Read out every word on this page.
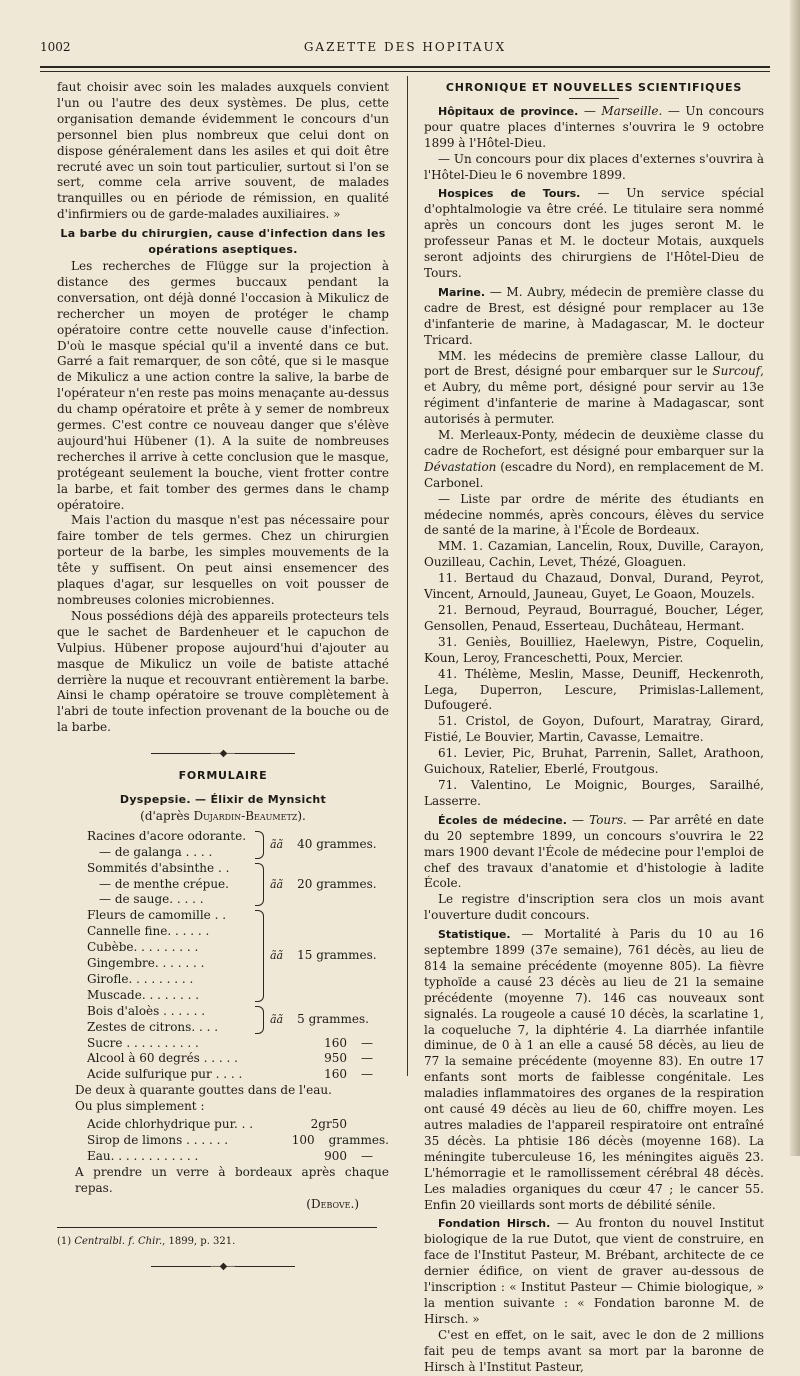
1002	GAZETTE DES HOPITAUX

faut choisir avec soin les malades auxquels convient l'un ou l'autre des deux systèmes. De plus, cette organisation demande évidemment le concours d'un personnel bien plus nombreux que celui dont on dispose généralement dans les asiles et qui doit être recruté avec un soin tout particulier, surtout si l'on se sert, comme cela arrive souvent, de malades tranquilles ou en période de rémission, en qualité d'infirmiers ou de garde-malades auxiliaires. »

La barbe du chirurgien, cause d'infection dans les opérations aseptiques.

Les recherches de Flügge sur la projection à distance des germes buccaux pendant la conversation, ont déjà donné l'occasion à Mikulicz de rechercher un moyen de protéger le champ opératoire contre cette nouvelle cause d'infection. D'où le masque spécial qu'il a inventé dans ce but. Garré a fait remarquer, de son côté, que si le masque de Mikulicz a une action contre la salive, la barbe de l'opérateur n'en reste pas moins menaçante au-dessus du champ opératoire et prête à y semer de nombreux germes. C'est contre ce nouveau danger que s'élève aujourd'hui Hübener (1). A la suite de nombreuses recherches il arrive à cette conclusion que le masque, protégeant seulement la bouche, vient frotter contre la barbe, et fait tomber des germes dans le champ opératoire.

Mais l'action du masque n'est pas nécessaire pour faire tomber de tels germes. Chez un chirurgien porteur de la barbe, les simples mouvements de la tête y suffisent. On peut ainsi ensemencer des plaques d'agar, sur lesquelles on voit pousser de nombreuses colonies microbiennes.

Nous possédions déjà des appareils protecteurs tels que le sachet de Bardenheuer et le capuchon de Vulpius. Hübener propose aujourd'hui d'ajouter au masque de Mikulicz un voile de batiste attaché derrière la nuque et recouvrant entièrement la barbe. Ainsi le champ opératoire se trouve complètement à l'abri de toute infection provenant de la bouche ou de la barbe.

—◆—
FORMULAIRE
Dyspepsie. — Élixir de Mynsicht
(d'après Dujardin-Beaumetz).
Racines d'acore odorante.
— de galanga . . . .
ãã 40 grammes.
Sommités d'absinthe . .
— de menthe crépue.
— de sauge. . . . .
ãã 20 grammes.
Fleurs de camomille . .
Cannelle fine. . . . . .
Cubèbe. . . . . . . . .
Gingembre. . . . . . .
Girofle. . . . . . . . .
Muscade. . . . . . . .
ãã 15 grammes.
Bois d'aloès . . . . . .
Zestes de citrons. . . .
ãã 5 grammes.
Sucre . . . . . . . . . .	160 —
Alcool à 60 degrés . . . . .	950 —
Acide sulfurique pur . . . .	160 —

De deux à quarante gouttes dans de l'eau.

Ou plus simplement :

Acide chlorhydrique pur. . .	2gr50
Sirop de limons . . . . . .	100 grammes.
Eau. . . . . . . . . . . .	900 —

A prendre un verre à bordeaux après chaque repas.

(Debove.)

(1) Centralbl. f. Chir., 1899, p. 321.

—◆—
CHRONIQUE ET NOUVELLES SCIENTIFIQUES

Hôpitaux de province. — Marseille. — Un concours pour quatre places d'internes s'ouvrira le 9 octobre 1899 à l'Hôtel-Dieu.

— Un concours pour dix places d'externes s'ouvrira à l'Hôtel-Dieu le 6 novembre 1899.

Hospices de Tours. — Un service spécial d'ophtalmologie va être créé. Le titulaire sera nommé après un concours dont les juges seront M. le professeur Panas et M. le docteur Motais, auxquels seront adjoints des chirurgiens de l'Hôtel-Dieu de Tours.

Marine. — M. Aubry, médecin de première classe du cadre de Brest, est désigné pour remplacer au 13e d'infanterie de marine, à Madagascar, M. le docteur Tricard.

MM. les médecins de première classe Lallour, du port de Brest, désigné pour embarquer sur le Surcouf, et Aubry, du même port, désigné pour servir au 13e régiment d'infanterie de marine à Madagascar, sont autorisés à permuter.

M. Merleaux-Ponty, médecin de deuxième classe du cadre de Rochefort, est désigné pour embarquer sur la Dévastation (escadre du Nord), en remplacement de M. Carbonel.

— Liste par ordre de mérite des étudiants en médecine nommés, après concours, élèves du service de santé de la marine, à l'École de Bordeaux.

MM. 1. Cazamian, Lancelin, Roux, Duville, Carayon, Ouzilleau, Cachin, Levet, Thézé, Gloaguen.

11. Bertaud du Chazaud, Donval, Durand, Peyrot, Vincent, Arnould, Jauneau, Guyet, Le Goaon, Mouzels.

21. Bernoud, Peyraud, Bourragué, Boucher, Léger, Gensollen, Penaud, Esserteau, Duchâteau, Hermant.

31. Geniès, Bouilliez, Haelewyn, Pistre, Coquelin, Koun, Leroy, Franceschetti, Poux, Mercier.

41. Thélème, Meslin, Masse, Deuniff, Heckenroth, Lega, Duperron, Lescure, Primislas-Lallement, Dufougeré.

51. Cristol, de Goyon, Dufourt, Maratray, Girard, Fistié, Le Bouvier, Martin, Cavasse, Lemaitre.

61. Levier, Pic, Bruhat, Parrenin, Sallet, Arathoon, Guichoux, Ratelier, Eberlé, Froutgous.

71. Valentino, Le Moignic, Bourges, Sarailhé, Lasserre.

Écoles de médecine. — Tours. — Par arrêté en date du 20 septembre 1899, un concours s'ouvrira le 22 mars 1900 devant l'École de médecine pour l'emploi de chef des travaux d'anatomie et d'histologie à ladite École.

Le registre d'inscription sera clos un mois avant l'ouverture dudit concours.

Statistique. — Mortalité à Paris du 10 au 16 septembre 1899 (37e semaine), 761 décès, au lieu de 814 la semaine précédente (moyenne 805). La fièvre typhoïde a causé 23 décès au lieu de 21 la semaine précédente (moyenne 7). 146 cas nouveaux sont signalés. La rougeole a causé 10 décès, la scarlatine 1, la coqueluche 7, la diphtérie 4. La diarrhée infantile diminue, de 0 à 1 an elle a causé 58 décès, au lieu de 77 la semaine précédente (moyenne 83). En outre 17 enfants sont morts de faiblesse congénitale. Les maladies inflammatoires des organes de la respiration ont causé 49 décès au lieu de 60, chiffre moyen. Les autres maladies de l'appareil respiratoire ont entraîné 35 décès. La phtisie 186 décès (moyenne 168). La méningite tuberculeuse 16, les méningites aiguës 23. L'hémorragie et le ramollissement cérébral 48 décès. Les maladies organiques du cœur 47 ; le cancer 55. Enfin 20 vieillards sont morts de débilité sénile.

Fondation Hirsch. — Au fronton du nouvel Institut biologique de la rue Dutot, que vient de construire, en face de l'Institut Pasteur, M. Brébant, architecte de ce dernier édifice, on vient de graver au-dessous de l'inscription : « Institut Pasteur — Chimie biologique, » la mention suivante : « Fondation baronne M. de Hirsch. »

C'est en effet, on le sait, avec le don de 2 millions fait peu de temps avant sa mort par la baronne de Hirsch à l'Institut Pasteur,
